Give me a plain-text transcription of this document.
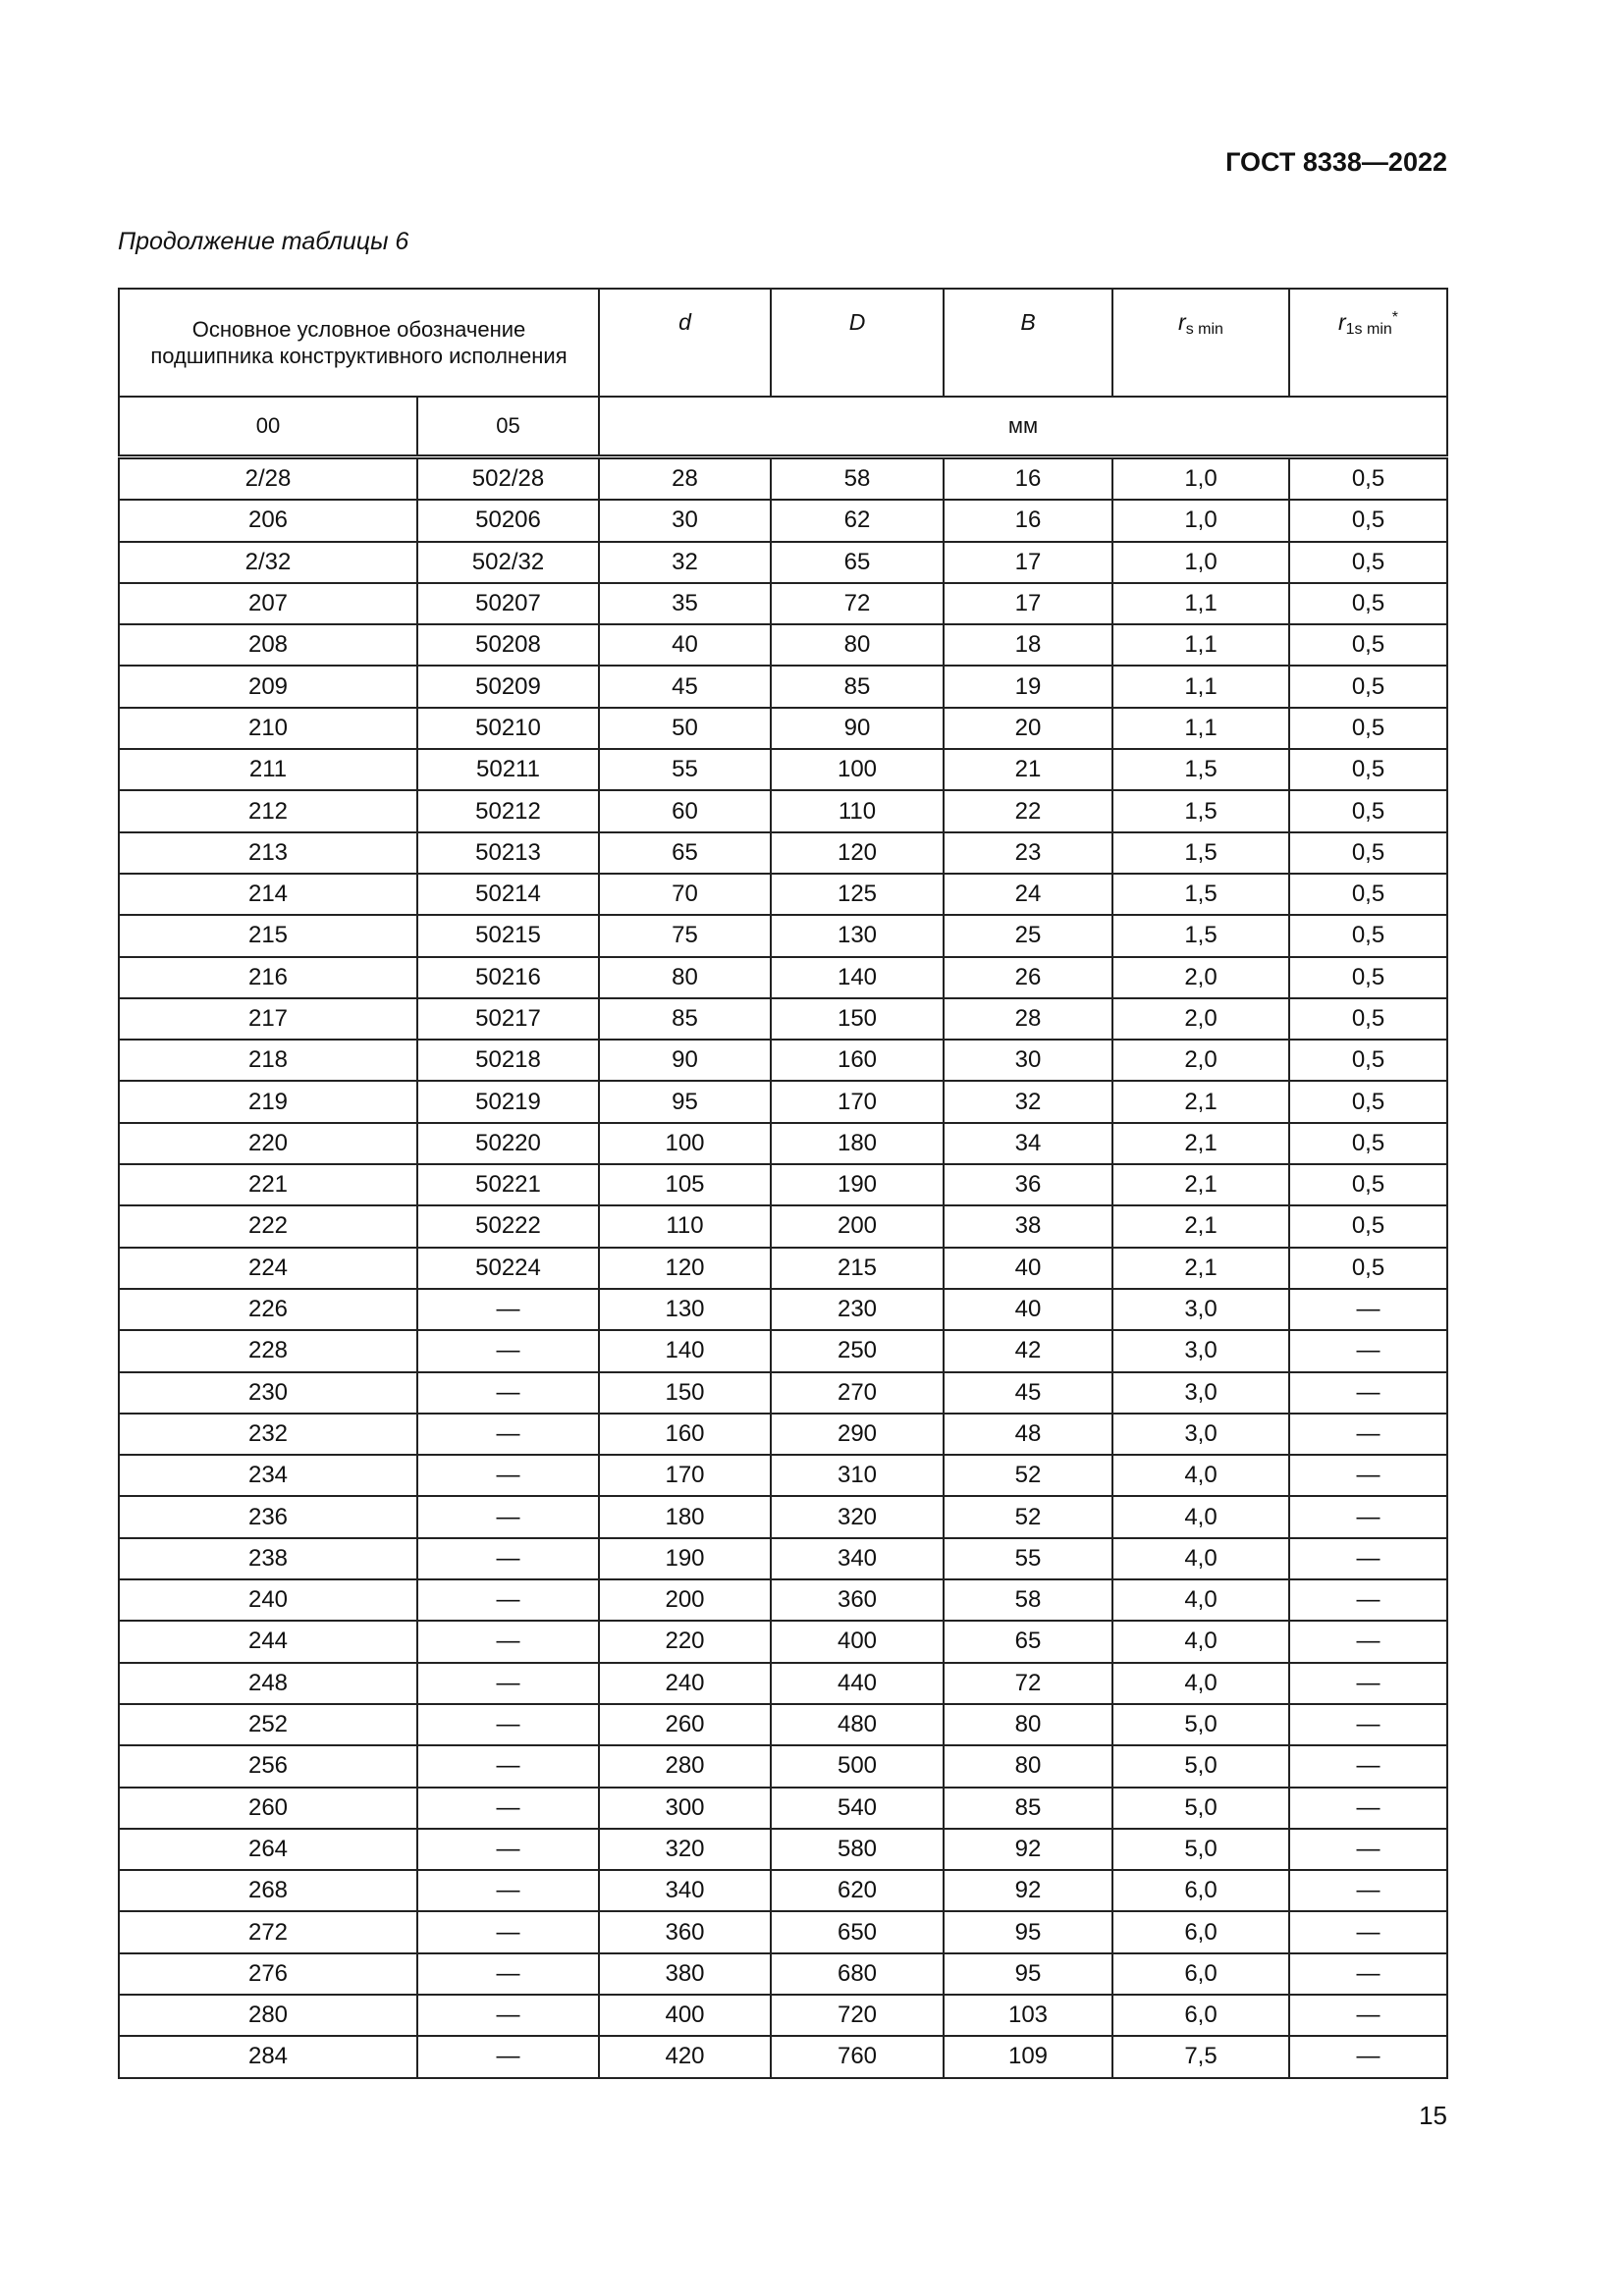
ГОСТ 8338—2022
Продолжение таблицы 6
Основное условное обозначение подшипника конструктивного исполнения		d	D	B	$r_{s min}$	$r_{1s min}^*$
00	05	мм				
2/28	502/28	28	58	16	1,0	0,5
206	50206	30	62	16	1,0	0,5
2/32	502/32	32	65	17	1,0	0,5
207	50207	35	72	17	1,1	0,5
208	50208	40	80	18	1,1	0,5
209	50209	45	85	19	1,1	0,5
210	50210	50	90	20	1,1	0,5
211	50211	55	100	21	1,5	0,5
212	50212	60	110	22	1,5	0,5
213	50213	65	120	23	1,5	0,5
214	50214	70	125	24	1,5	0,5
215	50215	75	130	25	1,5	0,5
216	50216	80	140	26	2,0	0,5
217	50217	85	150	28	2,0	0,5
218	50218	90	160	30	2,0	0,5
219	50219	95	170	32	2,1	0,5
220	50220	100	180	34	2,1	0,5
221	50221	105	190	36	2,1	0,5
222	50222	110	200	38	2,1	0,5
224	50224	120	215	40	2,1	0,5
226	—	130	230	40	3,0	—
228	—	140	250	42	3,0	—
230	—	150	270	45	3,0	—
232	—	160	290	48	3,0	—
234	—	170	310	52	4,0	—
236	—	180	320	52	4,0	—
238	—	190	340	55	4,0	—
240	—	200	360	58	4,0	—
244	—	220	400	65	4,0	—
248	—	240	440	72	4,0	—
252	—	260	480	80	5,0	—
256	—	280	500	80	5,0	—
260	—	300	540	85	5,0	—
264	—	320	580	92	5,0	—
268	—	340	620	92	6,0	—
272	—	360	650	95	6,0	—
276	—	380	680	95	6,0	—
280	—	400	720	103	6,0	—
284	—	420	760	109	7,5	—
15
